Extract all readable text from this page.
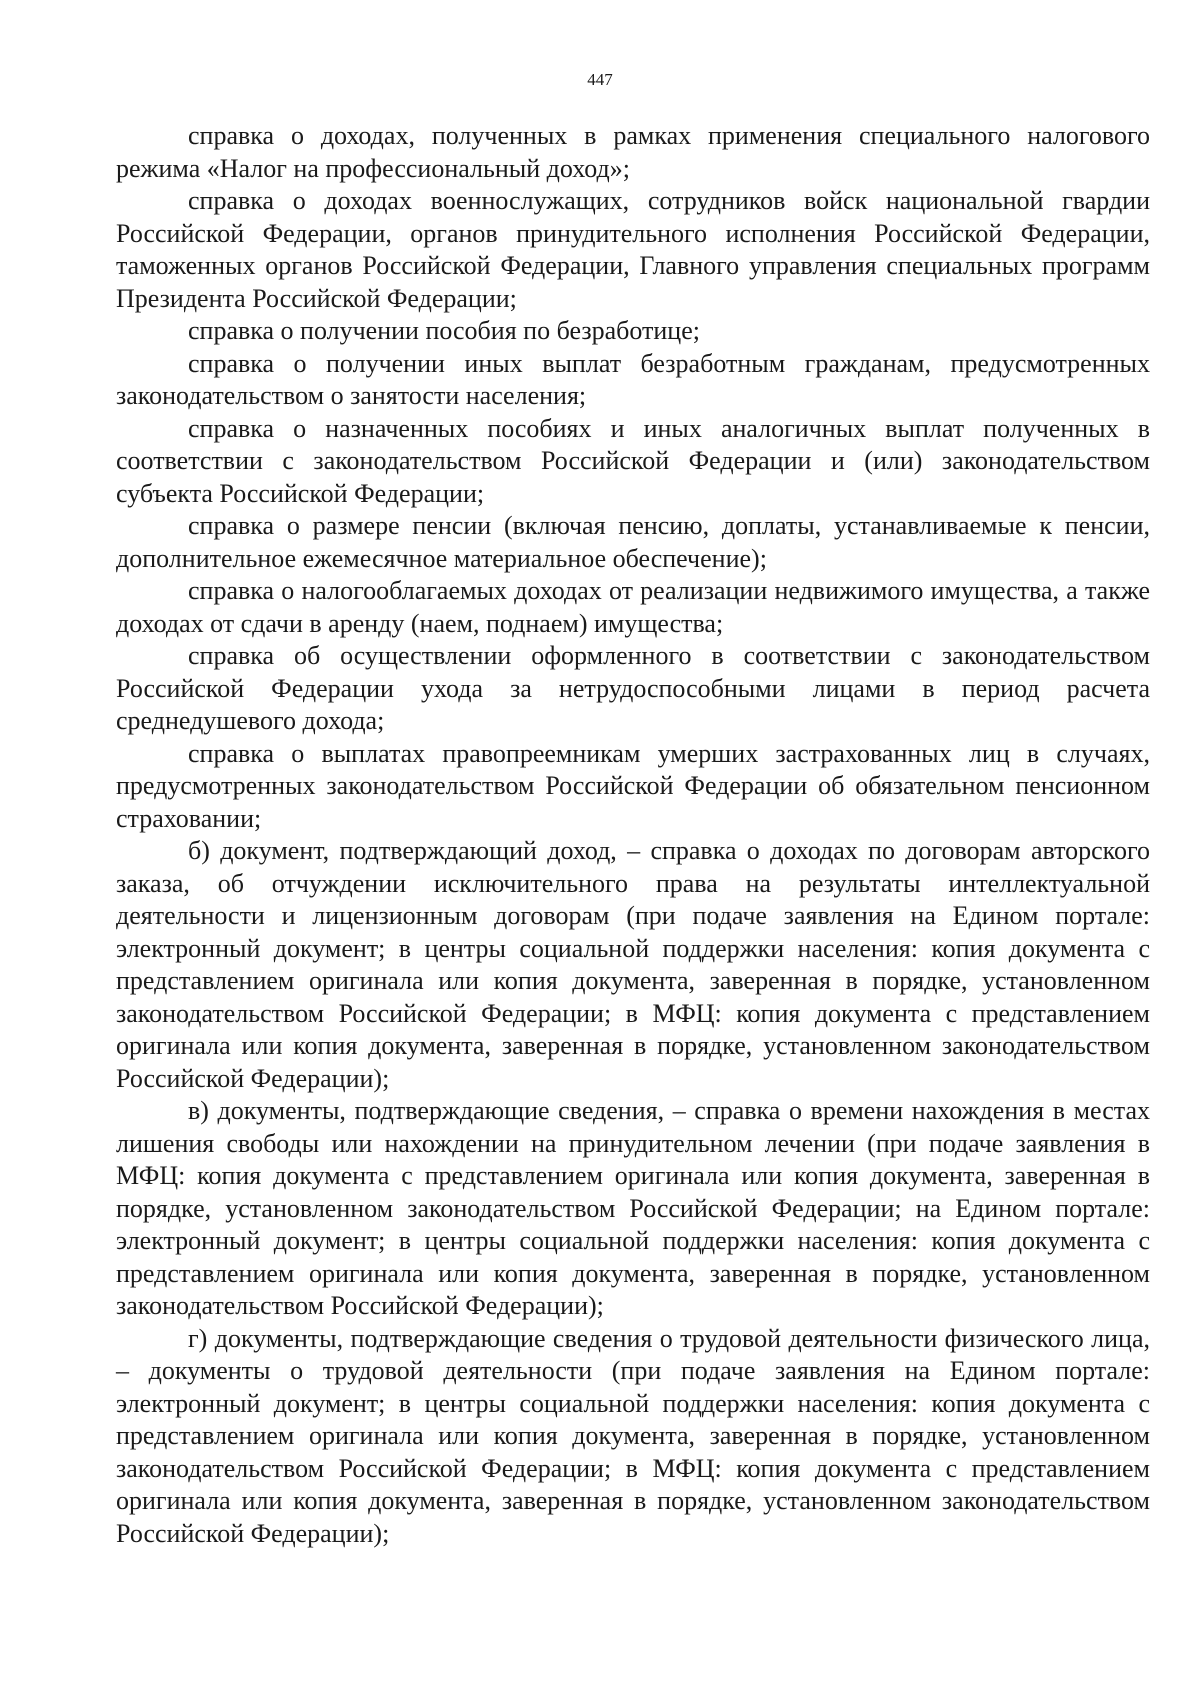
447

справка о доходах, полученных в рамках применения специального налогового режима «Налог на профессиональный доход»;

справка о доходах военнослужащих, сотрудников войск национальной гвардии Российской Федерации, органов принудительного исполнения Российской Федерации, таможенных органов Российской Федерации, Главного управления специальных программ Президента Российской Федерации;

справка о получении пособия по безработице;

справка о получении иных выплат безработным гражданам, предусмотренных законодательством о занятости населения;

справка о назначенных пособиях и иных аналогичных выплат полученных в соответствии с законодательством Российской Федерации и (или) законодательством субъекта Российской Федерации;

справка о размере пенсии (включая пенсию, доплаты, устанавливаемые к пенсии, дополнительное ежемесячное материальное обеспечение);

справка о налогооблагаемых доходах от реализации недвижимого имущества, а также доходах от сдачи в аренду (наем, поднаем) имущества;

справка об осуществлении оформленного в соответствии с законодательством Российской Федерации ухода за нетрудоспособными лицами в период расчета среднедушевого дохода;

справка о выплатах правопреемникам умерших застрахованных лиц в случаях, предусмотренных законодательством Российской Федерации об обязательном пенсионном страховании;

б) документ, подтверждающий доход, – справка о доходах по договорам авторского заказа, об отчуждении исключительного права на результаты интеллектуальной деятельности и лицензионным договорам (при подаче заявления на Едином портале: электронный документ; в центры социальной поддержки населения: копия документа с представлением оригинала или копия документа, заверенная в порядке, установленном законодательством Российской Федерации; в МФЦ: копия документа с представлением оригинала или копия документа, заверенная в порядке, установленном законодательством Российской Федерации);

в) документы, подтверждающие сведения, – справка о времени нахождения в местах лишения свободы или нахождении на принудительном лечении (при подаче заявления в МФЦ: копия документа с представлением оригинала или копия документа, заверенная в порядке, установленном законодательством Российской Федерации; на Едином портале: электронный документ; в центры социальной поддержки населения: копия документа с представлением оригинала или копия документа, заверенная в порядке, установленном законодательством Российской Федерации);

г) документы, подтверждающие сведения о трудовой деятельности физического лица, – документы о трудовой деятельности (при подаче заявления на Едином портале: электронный документ; в центры социальной поддержки населения: копия документа с представлением оригинала или копия документа, заверенная в порядке, установленном законодательством Российской Федерации; в МФЦ: копия документа с представлением оригинала или копия документа, заверенная в порядке, установленном законодательством Российской Федерации);
